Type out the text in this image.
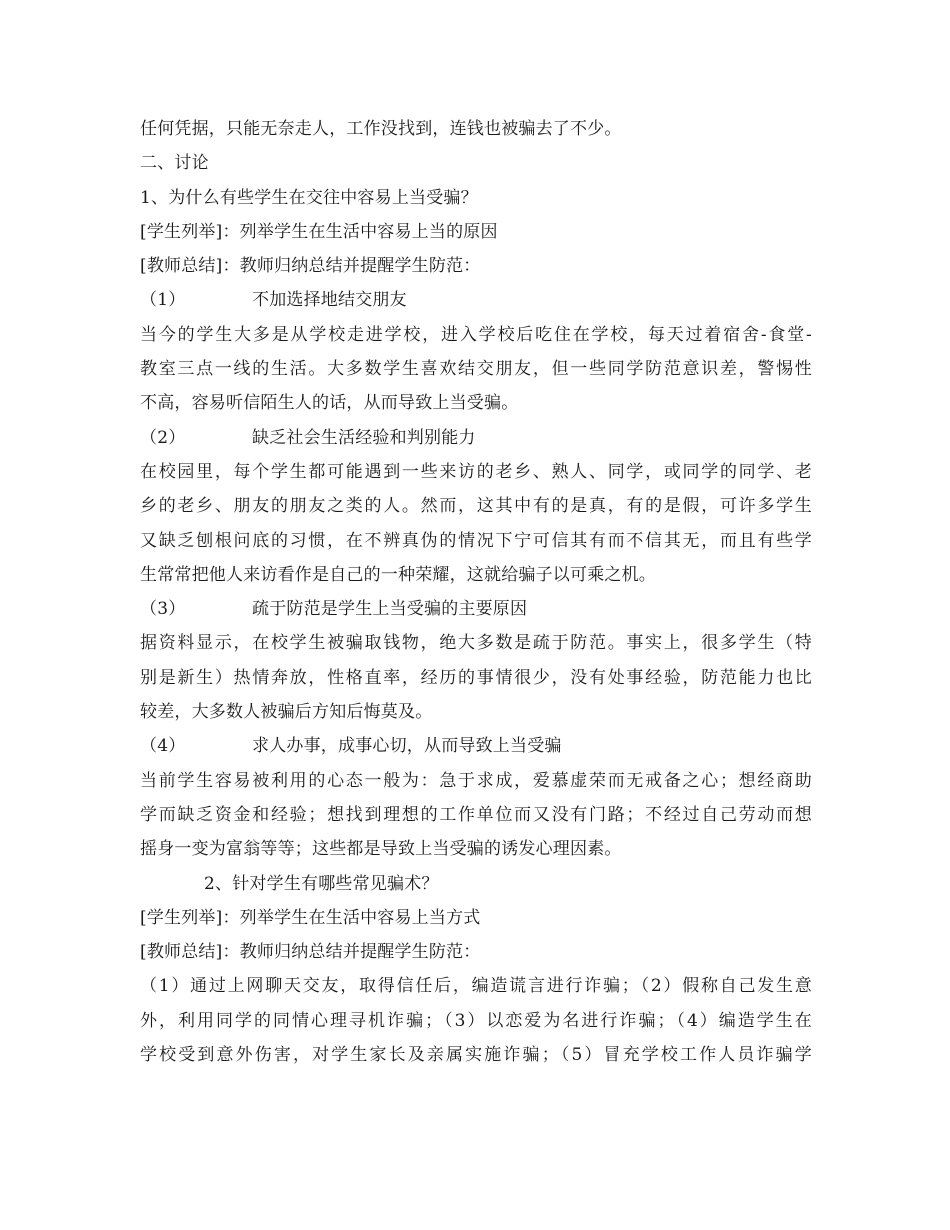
任何凭据，只能无奈走人，工作没找到，连钱也被骗去了不少。
二、讨论
1、为什么有些学生在交往中容易上当受骗？
[学生列举]：列举学生在生活中容易上当的原因
[教师总结]：教师归纳总结并提醒学生防范：
（1）	不加选择地结交朋友
当今的学生大多是从学校走进学校，进入学校后吃住在学校，每天过着宿舍-食堂-
教室三点一线的生活。大多数学生喜欢结交朋友，但一些同学防范意识差，警惕性
不高，容易听信陌生人的话，从而导致上当受骗。
（2）	缺乏社会生活经验和判别能力
在校园里，每个学生都可能遇到一些来访的老乡、熟人、同学，或同学的同学、老
乡的老乡、朋友的朋友之类的人。然而，这其中有的是真，有的是假，可许多学生
又缺乏刨根问底的习惯，在不辨真伪的情况下宁可信其有而不信其无，而且有些学
生常常把他人来访看作是自己的一种荣耀，这就给骗子以可乘之机。
（3）	疏于防范是学生上当受骗的主要原因
据资料显示，在校学生被骗取钱物，绝大多数是疏于防范。事实上，很多学生（特
别是新生）热情奔放，性格直率，经历的事情很少，没有处事经验，防范能力也比
较差，大多数人被骗后方知后悔莫及。
（4）	求人办事，成事心切，从而导致上当受骗
当前学生容易被利用的心态一般为：急于求成，爱慕虚荣而无戒备之心；想经商助
学而缺乏资金和经验；想找到理想的工作单位而又没有门路；不经过自己劳动而想
摇身一变为富翁等等；这些都是导致上当受骗的诱发心理因素。
2、针对学生有哪些常见骗术？
[学生列举]：列举学生在生活中容易上当方式
[教师总结]：教师归纳总结并提醒学生防范：
（1）通过上网聊天交友，取得信任后，编造谎言进行诈骗；（2）假称自己发生意
外，利用同学的同情心理寻机诈骗；（3）以恋爱为名进行诈骗；（4）编造学生在
学校受到意外伤害，对学生家长及亲属实施诈骗；（5）冒充学校工作人员诈骗学
